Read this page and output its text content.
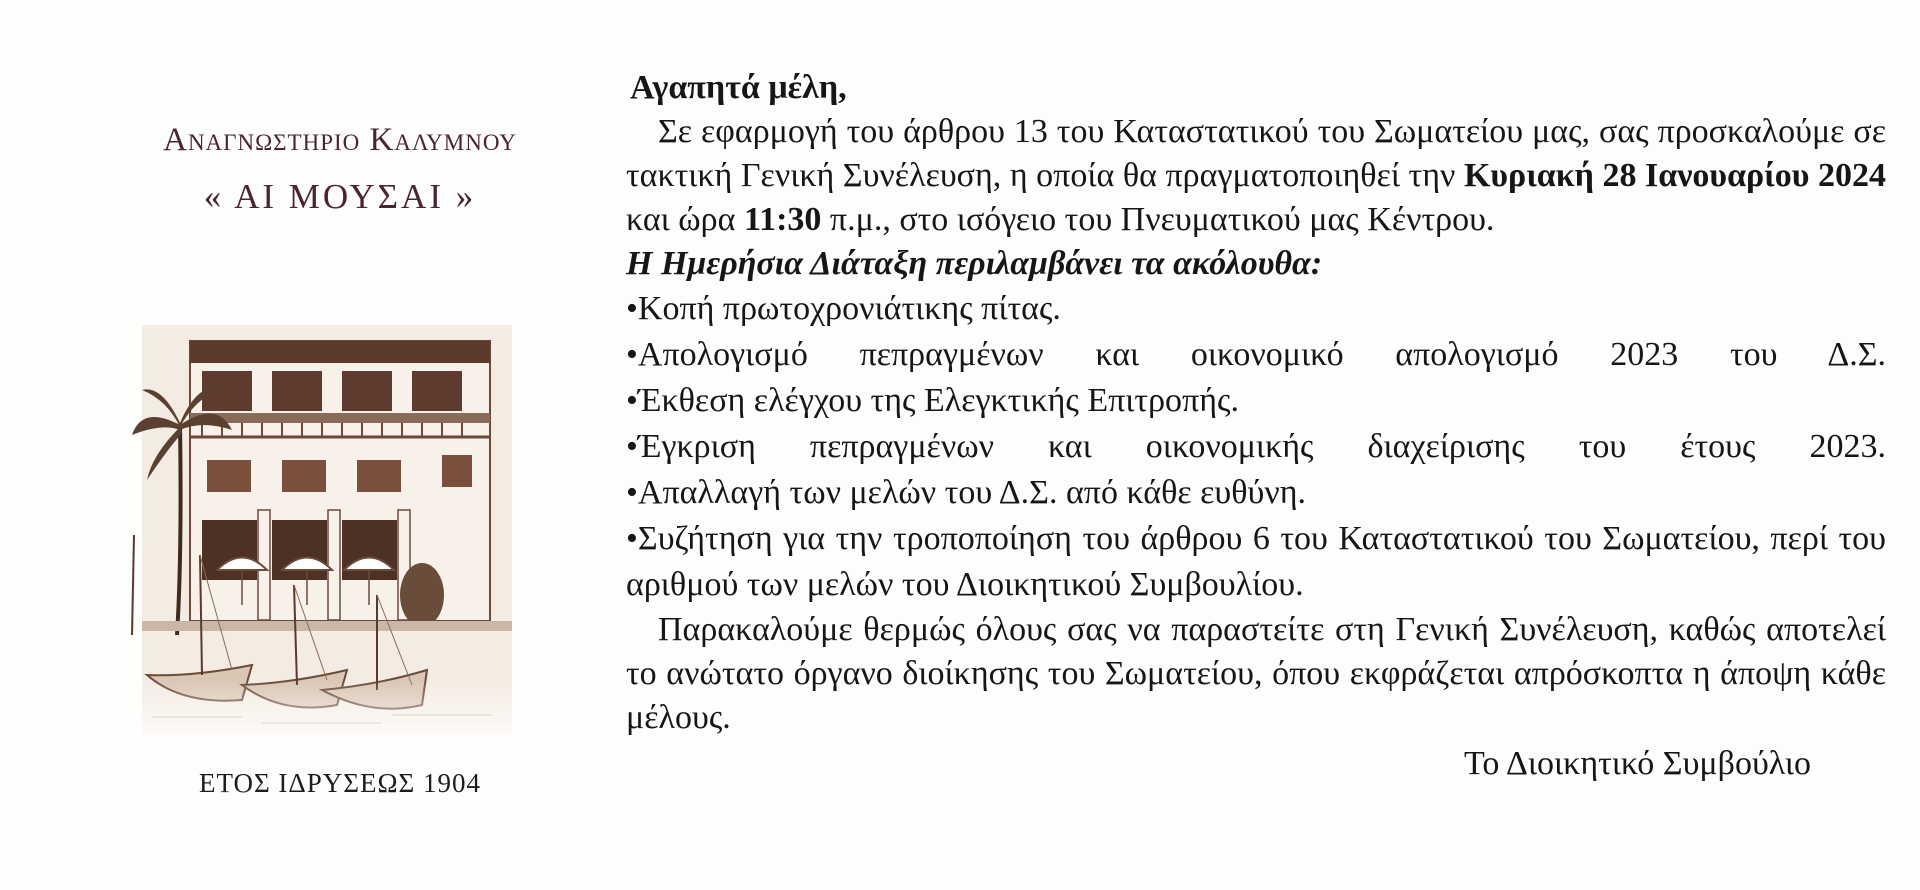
Αναγνωστηριο Καλυμνου
« ΑΙ ΜΟΥΣΑΙ »
ΕΤΟΣ ΙΔΡΥΣΕΩΣ 1904
Αγαπητά μέλη,
Σε εφαρμογή του άρθρου 13 του Καταστατικού του Σωματείου μας, σας προσκαλούμε σε τακτική Γενική Συνέλευση, η οποία θα πραγματοποιηθεί την Κυριακή 28 Ιανουαρίου 2024 και ώρα 11:30 π.μ., στο ισόγειο του Πνευματικού μας Κέντρου.
Η Ημερήσια Διάταξη περιλαμβάνει τα ακόλουθα:
•Κοπή πρωτοχρονιάτικης πίτας.
•Απολογισμό πεπραγμένων και οικονομικό απολογισμό 2023 του Δ.Σ.
•Έκθεση ελέγχου της Ελεγκτικής Επιτροπής.
•Έγκριση πεπραγμένων και οικονομικής διαχείρισης του έτους 2023.
•Απαλλαγή των μελών του Δ.Σ. από κάθε ευθύνη.
•Συζήτηση για την τροποποίηση του άρθρου 6 του Καταστατικού του Σωματείου, περί του αριθμού των μελών του Διοικητικού Συμβουλίου.
Παρακαλούμε θερμώς όλους σας να παραστείτε στη Γενική Συνέλευση, καθώς αποτελεί το ανώτατο όργανο διοίκησης του Σωματείου, όπου εκφράζεται απρόσκοπτα η άποψη κάθε μέλους.
Το Διοικητικό Συμβούλιο
